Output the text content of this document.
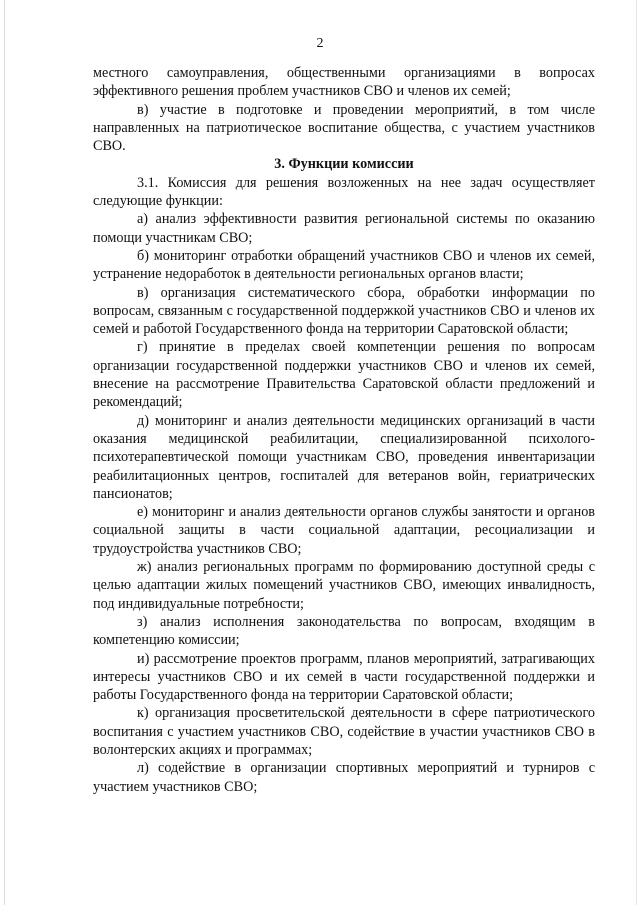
2

местного самоуправления, общественными организациями в вопросах эффективного решения проблем участников СВО и членов их семей;

в) участие в подготовке и проведении мероприятий, в том числе направленных на патриотическое воспитание общества, с участием участников СВО.

3. Функции комиссии

3.1. Комиссия для решения возложенных на нее задач осуществляет следующие функции:

а) анализ эффективности развития региональной системы по оказанию помощи участникам СВО;

б) мониторинг отработки обращений участников СВО и членов их семей, устранение недоработок в деятельности региональных органов власти;

в) организация систематического сбора, обработки информации по вопросам, связанным с государственной поддержкой участников СВО и членов их семей и работой Государственного фонда на территории Саратовской области;

г) принятие в пределах своей компетенции решения по вопросам организации государственной поддержки участников СВО и членов их семей, внесение на рассмотрение Правительства Саратовской области предложений и рекомендаций;

д) мониторинг и анализ деятельности медицинских организаций в части оказания медицинской реабилитации, специализированной психолого-психотерапевтической помощи участникам СВО, проведения инвентаризации реабилитационных центров, госпиталей для ветеранов войн, гериатрических пансионатов;

е) мониторинг и анализ деятельности органов службы занятости и органов социальной защиты в части социальной адаптации, ресоциализации и трудоустройства участников СВО;

ж) анализ региональных программ по формированию доступной среды с целью адаптации жилых помещений участников СВО, имеющих инвалидность, под индивидуальные потребности;

з) анализ исполнения законодательства по вопросам, входящим в компетенцию комиссии;

и) рассмотрение проектов программ, планов мероприятий, затрагивающих интересы участников СВО и их семей в части государственной поддержки и работы Государственного фонда на территории Саратовской области;

к) организация просветительской деятельности в сфере патриотического воспитания с участием участников СВО, содействие в участии участников СВО в волонтерских акциях и программах;

л) содействие в организации спортивных мероприятий и турниров с участием участников СВО;
